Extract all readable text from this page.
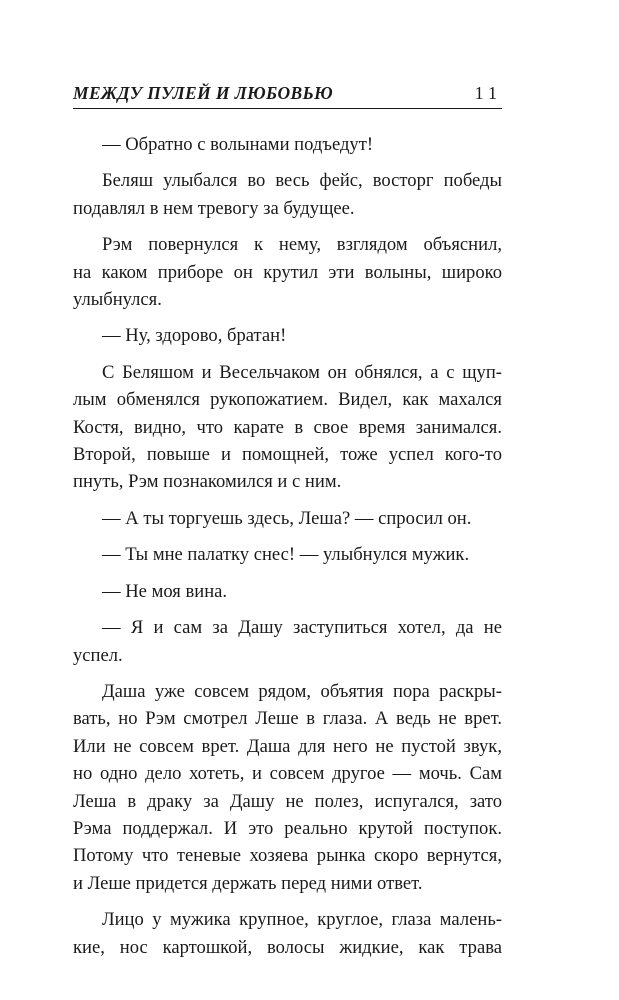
МЕЖДУ ПУЛЕЙ И ЛЮБОВЬЮ	11
— Обратно с волынами подъедут!
Беляш улыбался во весь фейс, восторг победы
подавлял в нем тревогу за будущее.
Рэм повернулся к нему, взглядом объяснил,
на каком приборе он крутил эти волыны, широко
улыбнулся.
— Ну, здорово, братан!
С Беляшом и Весельчаком он обнялся, а с щуп-
лым обменялся рукопожатием. Видел, как махался
Костя, видно, что карате в свое время занимался.
Второй, повыше и помощней, тоже успел кого-то
пнуть, Рэм познакомился и с ним.
— А ты торгуешь здесь, Леша? — спросил он.
— Ты мне палатку снес! — улыбнулся мужик.
— Не моя вина.
— Я и сам за Дашу заступиться хотел, да не
успел.
Даша уже совсем рядом, объятия пора раскры-
вать, но Рэм смотрел Леше в глаза. А ведь не врет.
Или не совсем врет. Даша для него не пустой звук,
но одно дело хотеть, и совсем другое — мочь. Сам
Леша в драку за Дашу не полез, испугался, зато
Рэма поддержал. И это реально крутой поступок.
Потому что теневые хозяева рынка скоро вернутся,
и Леше придется держать перед ними ответ.
Лицо у мужика крупное, круглое, глаза малень-
кие, нос картошкой, волосы жидкие, как трава
